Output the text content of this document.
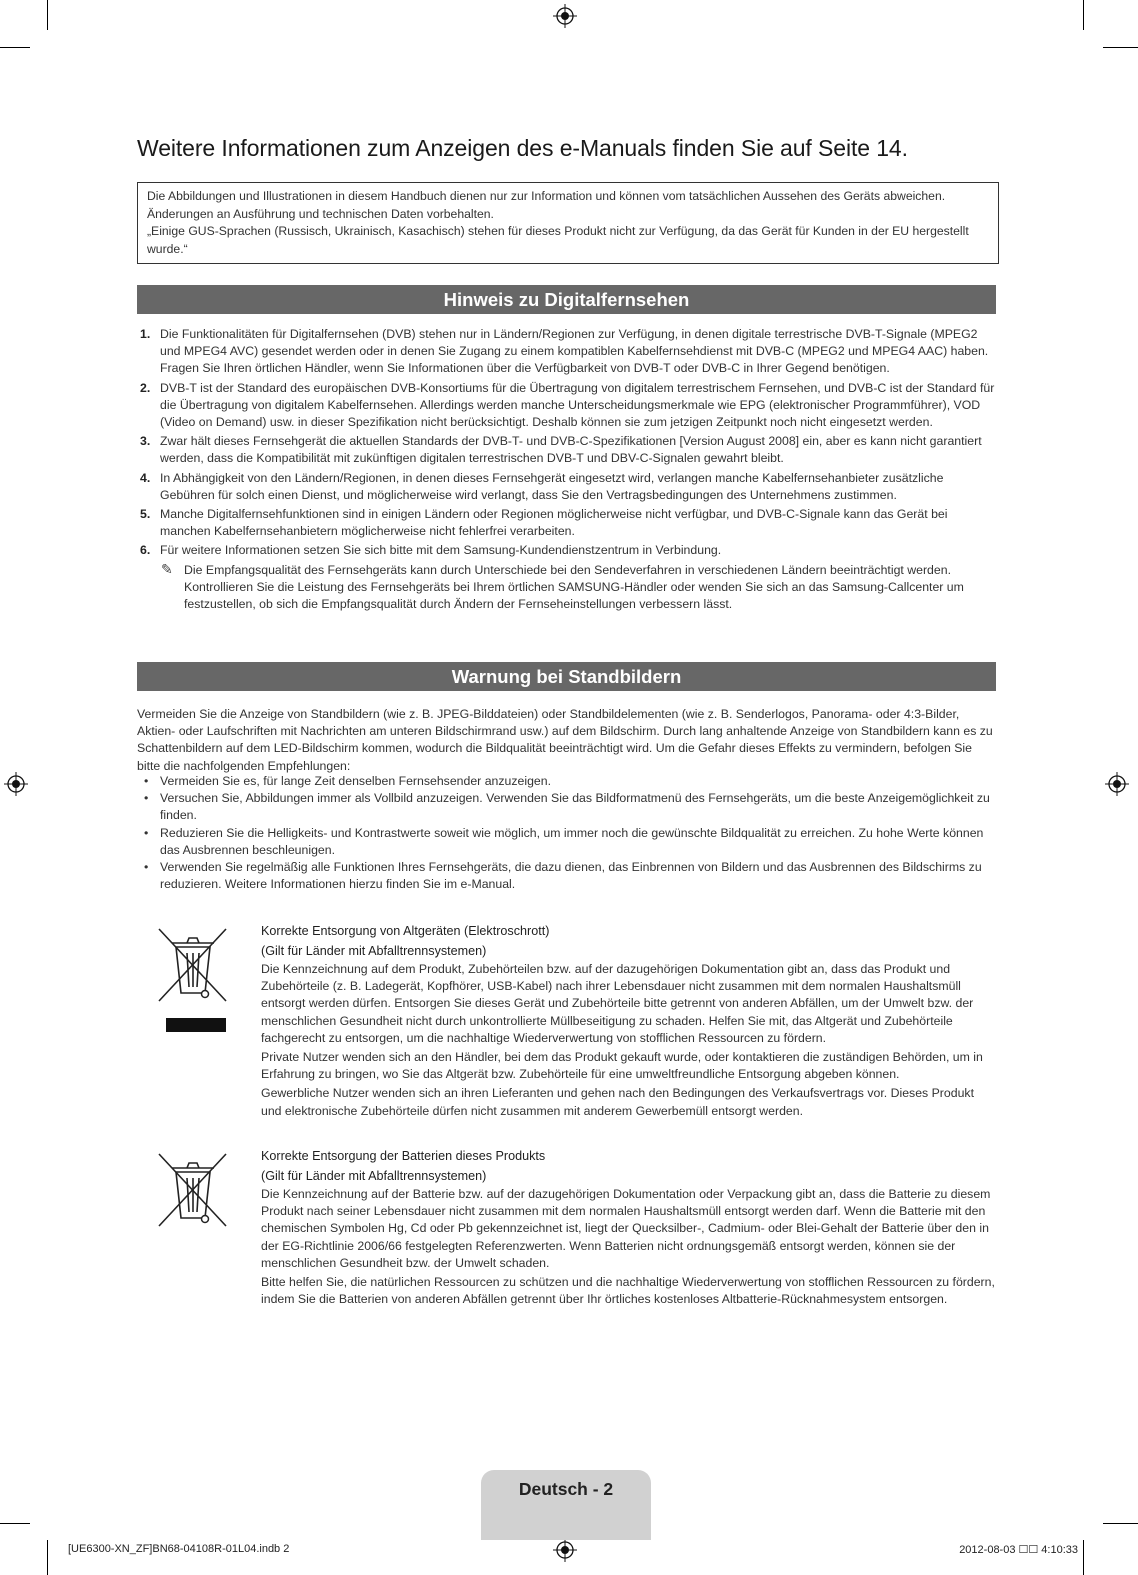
Weitere Informationen zum Anzeigen des e-Manuals finden Sie auf Seite 14.

Die Abbildungen und Illustrationen in diesem Handbuch dienen nur zur Information und können vom tatsächlichen Aussehen des Geräts abweichen. Änderungen an Ausführung und technischen Daten vorbehalten.

„Einige GUS-Sprachen (Russisch, Ukrainisch, Kasachisch) stehen für dieses Produkt nicht zur Verfügung, da das Gerät für Kunden in der EU hergestellt wurde.“

Hinweis zu Digitalfernsehen
1. Die Funktionalitäten für Digitalfernsehen (DVB) stehen nur in Ländern/Regionen zur Verfügung, in denen digitale terrestrische DVB-T-Signale (MPEG2 und MPEG4 AVC) gesendet werden oder in denen Sie Zugang zu einem kompatiblen Kabelfernsehdienst mit DVB-C (MPEG2 und MPEG4 AAC) haben. Fragen Sie Ihren örtlichen Händler, wenn Sie Informationen über die Verfügbarkeit von DVB-T oder DVB-C in Ihrer Gegend benötigen.
2. DVB-T ist der Standard des europäischen DVB-Konsortiums für die Übertragung von digitalem terrestrischem Fernsehen, und DVB-C ist der Standard für die Übertragung von digitalem Kabelfernsehen. Allerdings werden manche Unterscheidungsmerkmale wie EPG (elektronischer Programmführer), VOD (Video on Demand) usw. in dieser Spezifikation nicht berücksichtigt. Deshalb können sie zum jetzigen Zeitpunkt noch nicht eingesetzt werden.
3. Zwar hält dieses Fernsehgerät die aktuellen Standards der DVB-T- und DVB-C-Spezifikationen [Version August 2008] ein, aber es kann nicht garantiert werden, dass die Kompatibilität mit zukünftigen digitalen terrestrischen DVB-T und DBV-C-Signalen gewahrt bleibt.
4. In Abhängigkeit von den Ländern/Regionen, in denen dieses Fernsehgerät eingesetzt wird, verlangen manche Kabelfernsehanbieter zusätzliche Gebühren für solch einen Dienst, und möglicherweise wird verlangt, dass Sie den Vertragsbedingungen des Unternehmens zustimmen.
5. Manche Digitalfernsehfunktionen sind in einigen Ländern oder Regionen möglicherweise nicht verfügbar, und DVB-C-Signale kann das Gerät bei manchen Kabelfernsehanbietern möglicherweise nicht fehlerfrei verarbeiten.
6. Für weitere Informationen setzen Sie sich bitte mit dem Samsung-Kundendienstzentrum in Verbindung.
✎ Die Empfangsqualität des Fernsehgeräts kann durch Unterschiede bei den Sendeverfahren in verschiedenen Ländern beeinträchtigt werden. Kontrollieren Sie die Leistung des Fernsehgeräts bei Ihrem örtlichen SAMSUNG-Händler oder wenden Sie sich an das Samsung-Callcenter um festzustellen, ob sich die Empfangsqualität durch Ändern der Fernseheinstellungen verbessern lässt.
Warnung bei Standbildern

Vermeiden Sie die Anzeige von Standbildern (wie z. B. JPEG-Bilddateien) oder Standbildelementen (wie z. B. Senderlogos, Panorama- oder 4:3-Bilder, Aktien- oder Laufschriften mit Nachrichten am unteren Bildschirmrand usw.) auf dem Bildschirm. Durch lang anhaltende Anzeige von Standbildern kann es zu Schattenbildern auf dem LED-Bildschirm kommen, wodurch die Bildqualität beeinträchtigt wird. Um die Gefahr dieses Effekts zu vermindern, befolgen Sie bitte die nachfolgenden Empfehlungen:

• Vermeiden Sie es, für lange Zeit denselben Fernsehsender anzuzeigen.
• Versuchen Sie, Abbildungen immer als Vollbild anzuzeigen. Verwenden Sie das Bildformatmenü des Fernsehgeräts, um die beste Anzeigemöglichkeit zu finden.
• Reduzieren Sie die Helligkeits- und Kontrastwerte soweit wie möglich, um immer noch die gewünschte Bildqualität zu erreichen. Zu hohe Werte können das Ausbrennen beschleunigen.
• Verwenden Sie regelmäßig alle Funktionen Ihres Fernsehgeräts, die dazu dienen, das Einbrennen von Bildern und das Ausbrennen des Bildschirms zu reduzieren. Weitere Informationen hierzu finden Sie im e-Manual.
Korrekte Entsorgung von Altgeräten (Elektroschrott)
(Gilt für Länder mit Abfalltrennsystemen)

Die Kennzeichnung auf dem Produkt, Zubehörteilen bzw. auf der dazugehörigen Dokumentation gibt an, dass das Produkt und Zubehörteile (z. B. Ladegerät, Kopfhörer, USB-Kabel) nach ihrer Lebensdauer nicht zusammen mit dem normalen Haushaltsmüll entsorgt werden dürfen. Entsorgen Sie dieses Gerät und Zubehörteile bitte getrennt von anderen Abfällen, um der Umwelt bzw. der menschlichen Gesundheit nicht durch unkontrollierte Müllbeseitigung zu schaden. Helfen Sie mit, das Altgerät und Zubehörteile fachgerecht zu entsorgen, um die nachhaltige Wiederverwertung von stofflichen Ressourcen zu fördern.

Private Nutzer wenden sich an den Händler, bei dem das Produkt gekauft wurde, oder kontaktieren die zuständigen Behörden, um in Erfahrung zu bringen, wo Sie das Altgerät bzw. Zubehörteile für eine umweltfreundliche Entsorgung abgeben können.

Gewerbliche Nutzer wenden sich an ihren Lieferanten und gehen nach den Bedingungen des Verkaufsvertrags vor. Dieses Produkt und elektronische Zubehörteile dürfen nicht zusammen mit anderem Gewerbemüll entsorgt werden.

Korrekte Entsorgung der Batterien dieses Produkts
(Gilt für Länder mit Abfalltrennsystemen)

Die Kennzeichnung auf der Batterie bzw. auf der dazugehörigen Dokumentation oder Verpackung gibt an, dass die Batterie zu diesem Produkt nach seiner Lebensdauer nicht zusammen mit dem normalen Haushaltsmüll entsorgt werden darf. Wenn die Batterie mit den chemischen Symbolen Hg, Cd oder Pb gekennzeichnet ist, liegt der Quecksilber-, Cadmium- oder Blei-Gehalt der Batterie über den in der EG-Richtlinie 2006/66 festgelegten Referenzwerten. Wenn Batterien nicht ordnungsgemäß entsorgt werden, können sie der menschlichen Gesundheit bzw. der Umwelt schaden.

Bitte helfen Sie, die natürlichen Ressourcen zu schützen und die nachhaltige Wiederverwertung von stofflichen Ressourcen zu fördern, indem Sie die Batterien von anderen Abfällen getrennt über Ihr örtliches kostenloses Altbatterie-Rücknahmesystem entsorgen.

Deutsch - 2
[UE6300-XN_ZF]BN68-04108R-01L04.indb 2	2012-08-03 ☐☐ 4:10:33
